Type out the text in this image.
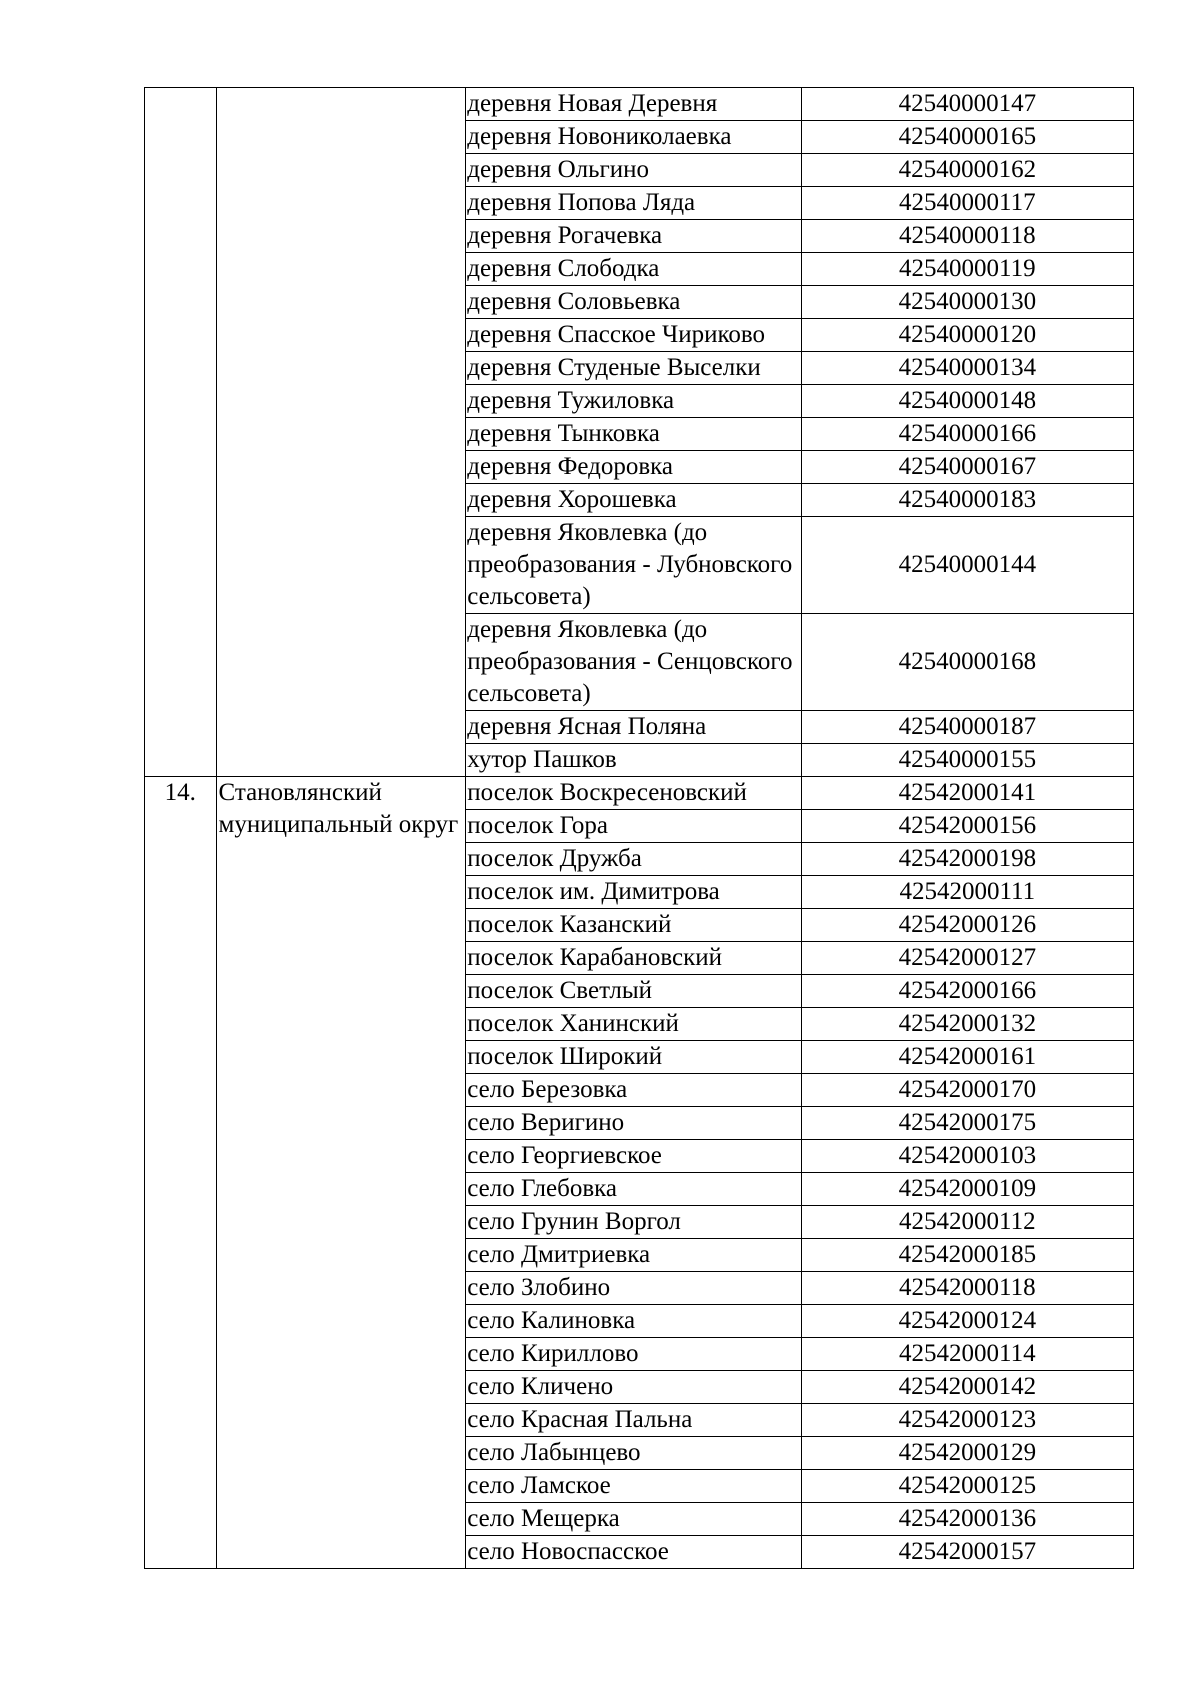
		деревня Новая Деревня	42540000147
		деревня Новониколаевка	42540000165
		деревня Ольгино	42540000162
		деревня Попова Ляда	42540000117
		деревня Рогачевка	42540000118
		деревня Слободка	42540000119
		деревня Соловьевка	42540000130
		деревня Спасское Чириково	42540000120
		деревня Студеные Выселки	42540000134
		деревня Тужиловка	42540000148
		деревня Тынковка	42540000166
		деревня Федоровка	42540000167
		деревня Хорошевка	42540000183
		деревня Яковлевка (до преобразования - Лубновского сельсовета)	42540000144
		деревня Яковлевка (до преобразования - Сенцовского сельсовета)	42540000168
		деревня Ясная Поляна	42540000187
		хутор Пашков	42540000155
14.	Становлянский муниципальный округ	поселок Воскресеновский	42542000141
		поселок Гора	42542000156
		поселок Дружба	42542000198
		поселок им. Димитрова	42542000111
		поселок Казанский	42542000126
		поселок Карабановский	42542000127
		поселок Светлый	42542000166
		поселок Ханинский	42542000132
		поселок Широкий	42542000161
		село Березовка	42542000170
		село Веригино	42542000175
		село Георгиевское	42542000103
		село Глебовка	42542000109
		село Грунин Воргол	42542000112
		село Дмитриевка	42542000185
		село Злобино	42542000118
		село Калиновка	42542000124
		село Кириллово	42542000114
		село Кличено	42542000142
		село Красная Пальна	42542000123
		село Лабынцево	42542000129
		село Ламское	42542000125
		село Мещерка	42542000136
		село Новоспасское	42542000157
